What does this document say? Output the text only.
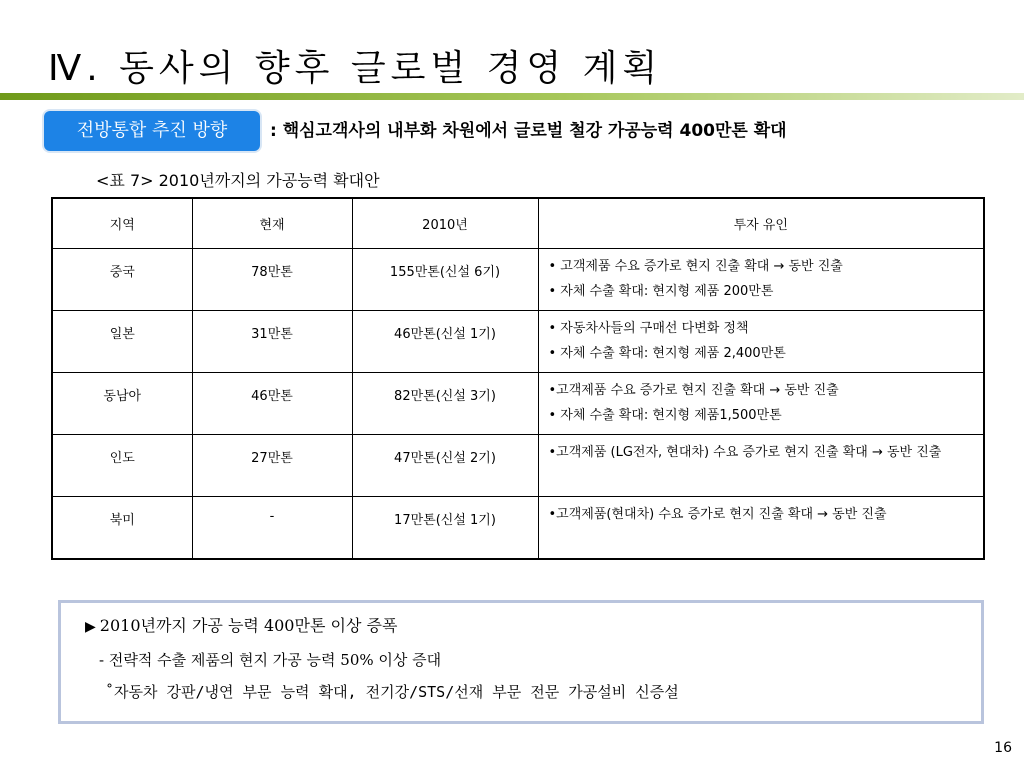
Ⅳ. 동사의 향후 글로벌 경영 계획
전방통합 추진 방향	: 핵심고객사의 내부화 차원에서 글로벌 철강 가공능력 400만톤 확대
<표 7> 2010년까지의 가공능력 확대안
지역	현재	2010년	투자 유인
중국	78만톤	155만톤(신설 6기)	• 고객제품 수요 증가로 현지 진출 확대 → 동반 진출
• 자체 수출 확대: 현지형 제품 200만톤

일본	31만톤	46만톤(신설 1기)	• 자동차사들의 구매선 다변화 정책
• 자체 수출 확대: 현지형 제품 2,400만톤

동남아	46만톤	82만톤(신설 3기)	•고객제품 수요 증가로 현지 진출 확대 → 동반 진출
• 자체 수출 확대: 현지형 제품1,500만톤

인도	27만톤	47만톤(신설 2기)	•고객제품 (LG전자, 현대차) 수요 증가로 현지 진출 확대 → 동반 진출

북미	-	17만톤(신설 1기)	•고객제품(현대차) 수요 증가로 현지 진출 확대 → 동반 진출
▶ 2010년까지 가공 능력 400만톤 이상 증폭
- 전략적 수출 제품의 현지 가공 능력 50% 이상 증대
˚자동차 강판/냉연 부문 능력 확대, 전기강/STS/선재 부문 전문 가공설비 신증설
16
